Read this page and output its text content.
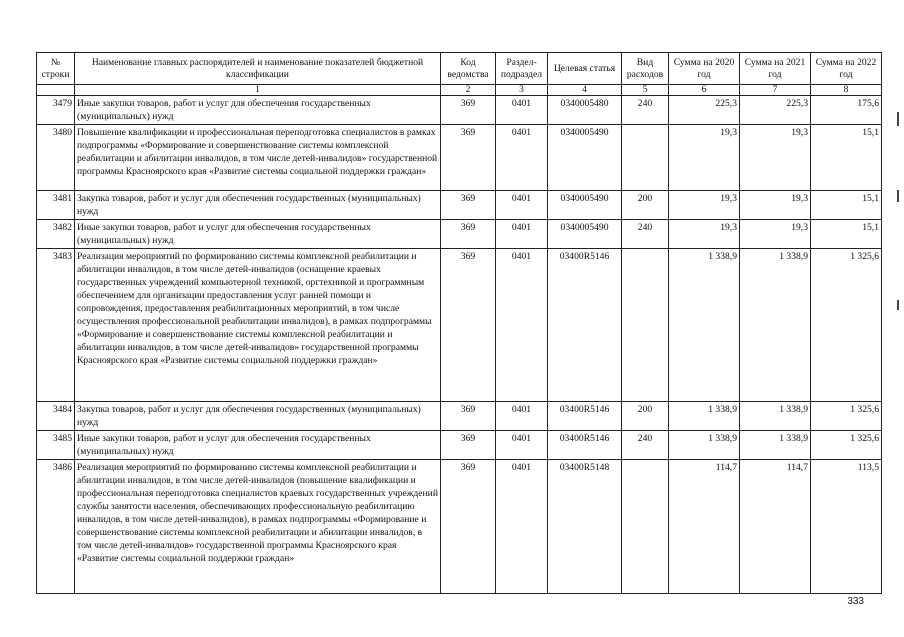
№ строки	Наименование главных распорядителей и наименование показателей бюджетной классификации	Код ведомства	Раздел-подраздел	Целевая статья	Вид расходов	Сумма на 2020 год	Сумма на 2021 год	Сумма на 2022 год
	1	2	3	4	5	6	7	8
3479	Иные закупки товаров, работ и услуг для обеспечения государственных (муниципальных) нужд	369	0401	0340005480	240	225,3	225,3	175,6
3480	Повышение квалификации и профессиональная переподготовка специалистов в рамках подпрограммы «Формирование и совершенствование системы комплексной реабилитации и абилитации инвалидов, в том числе детей-инвалидов» государственной программы Красноярского края «Развитие системы социальной поддержки граждан»	369	0401	0340005490		19,3	19,3	15,1
3481	Закупка товаров, работ и услуг для обеспечения государственных (муниципальных) нужд	369	0401	0340005490	200	19,3	19,3	15,1
3482	Иные закупки товаров, работ и услуг для обеспечения государственных (муниципальных) нужд	369	0401	0340005490	240	19,3	19,3	15,1
3483	Реализация мероприятий по формированию системы комплексной реабилитации и абилитации инвалидов, в том числе детей-инвалидов (оснащение краевых государственных учреждений компьютерной техникой, оргтехникой и программным обеспечением для организации предоставления услуг ранней помощи и сопровождения, предоставления реабилитационных мероприятий, в том числе осуществления профессиональной реабилитации инвалидов), в рамках подпрограммы «Формирование и совершенствование системы комплексной реабилитации и абилитации инвалидов, в том числе детей-инвалидов» государственной программы Красноярского края «Развитие системы социальной поддержки граждан»	369	0401	03400R5146		1 338,9	1 338,9	1 325,6
3484	Закупка товаров, работ и услуг для обеспечения государственных (муниципальных) нужд	369	0401	03400R5146	200	1 338,9	1 338,9	1 325,6
3485	Иные закупки товаров, работ и услуг для обеспечения государственных (муниципальных) нужд	369	0401	03400R5146	240	1 338,9	1 338,9	1 325,6
3486	Реализация мероприятий по формированию системы комплексной реабилитации и абилитации инвалидов, в том числе детей-инвалидов (повышение квалификации и профессиональная переподготовка специалистов краевых государственных учреждений службы занятости населения, обеспечивающих профессиональную реабилитацию инвалидов, в том числе детей-инвалидов), в рамках подпрограммы «Формирование и совершенствование системы комплексной реабилитации и абилитации инвалидов, в том числе детей-инвалидов» государственной программы Красноярского края «Развитие системы социальной поддержки граждан»	369	0401	03400R5148		114,7	114,7	113,5
333
